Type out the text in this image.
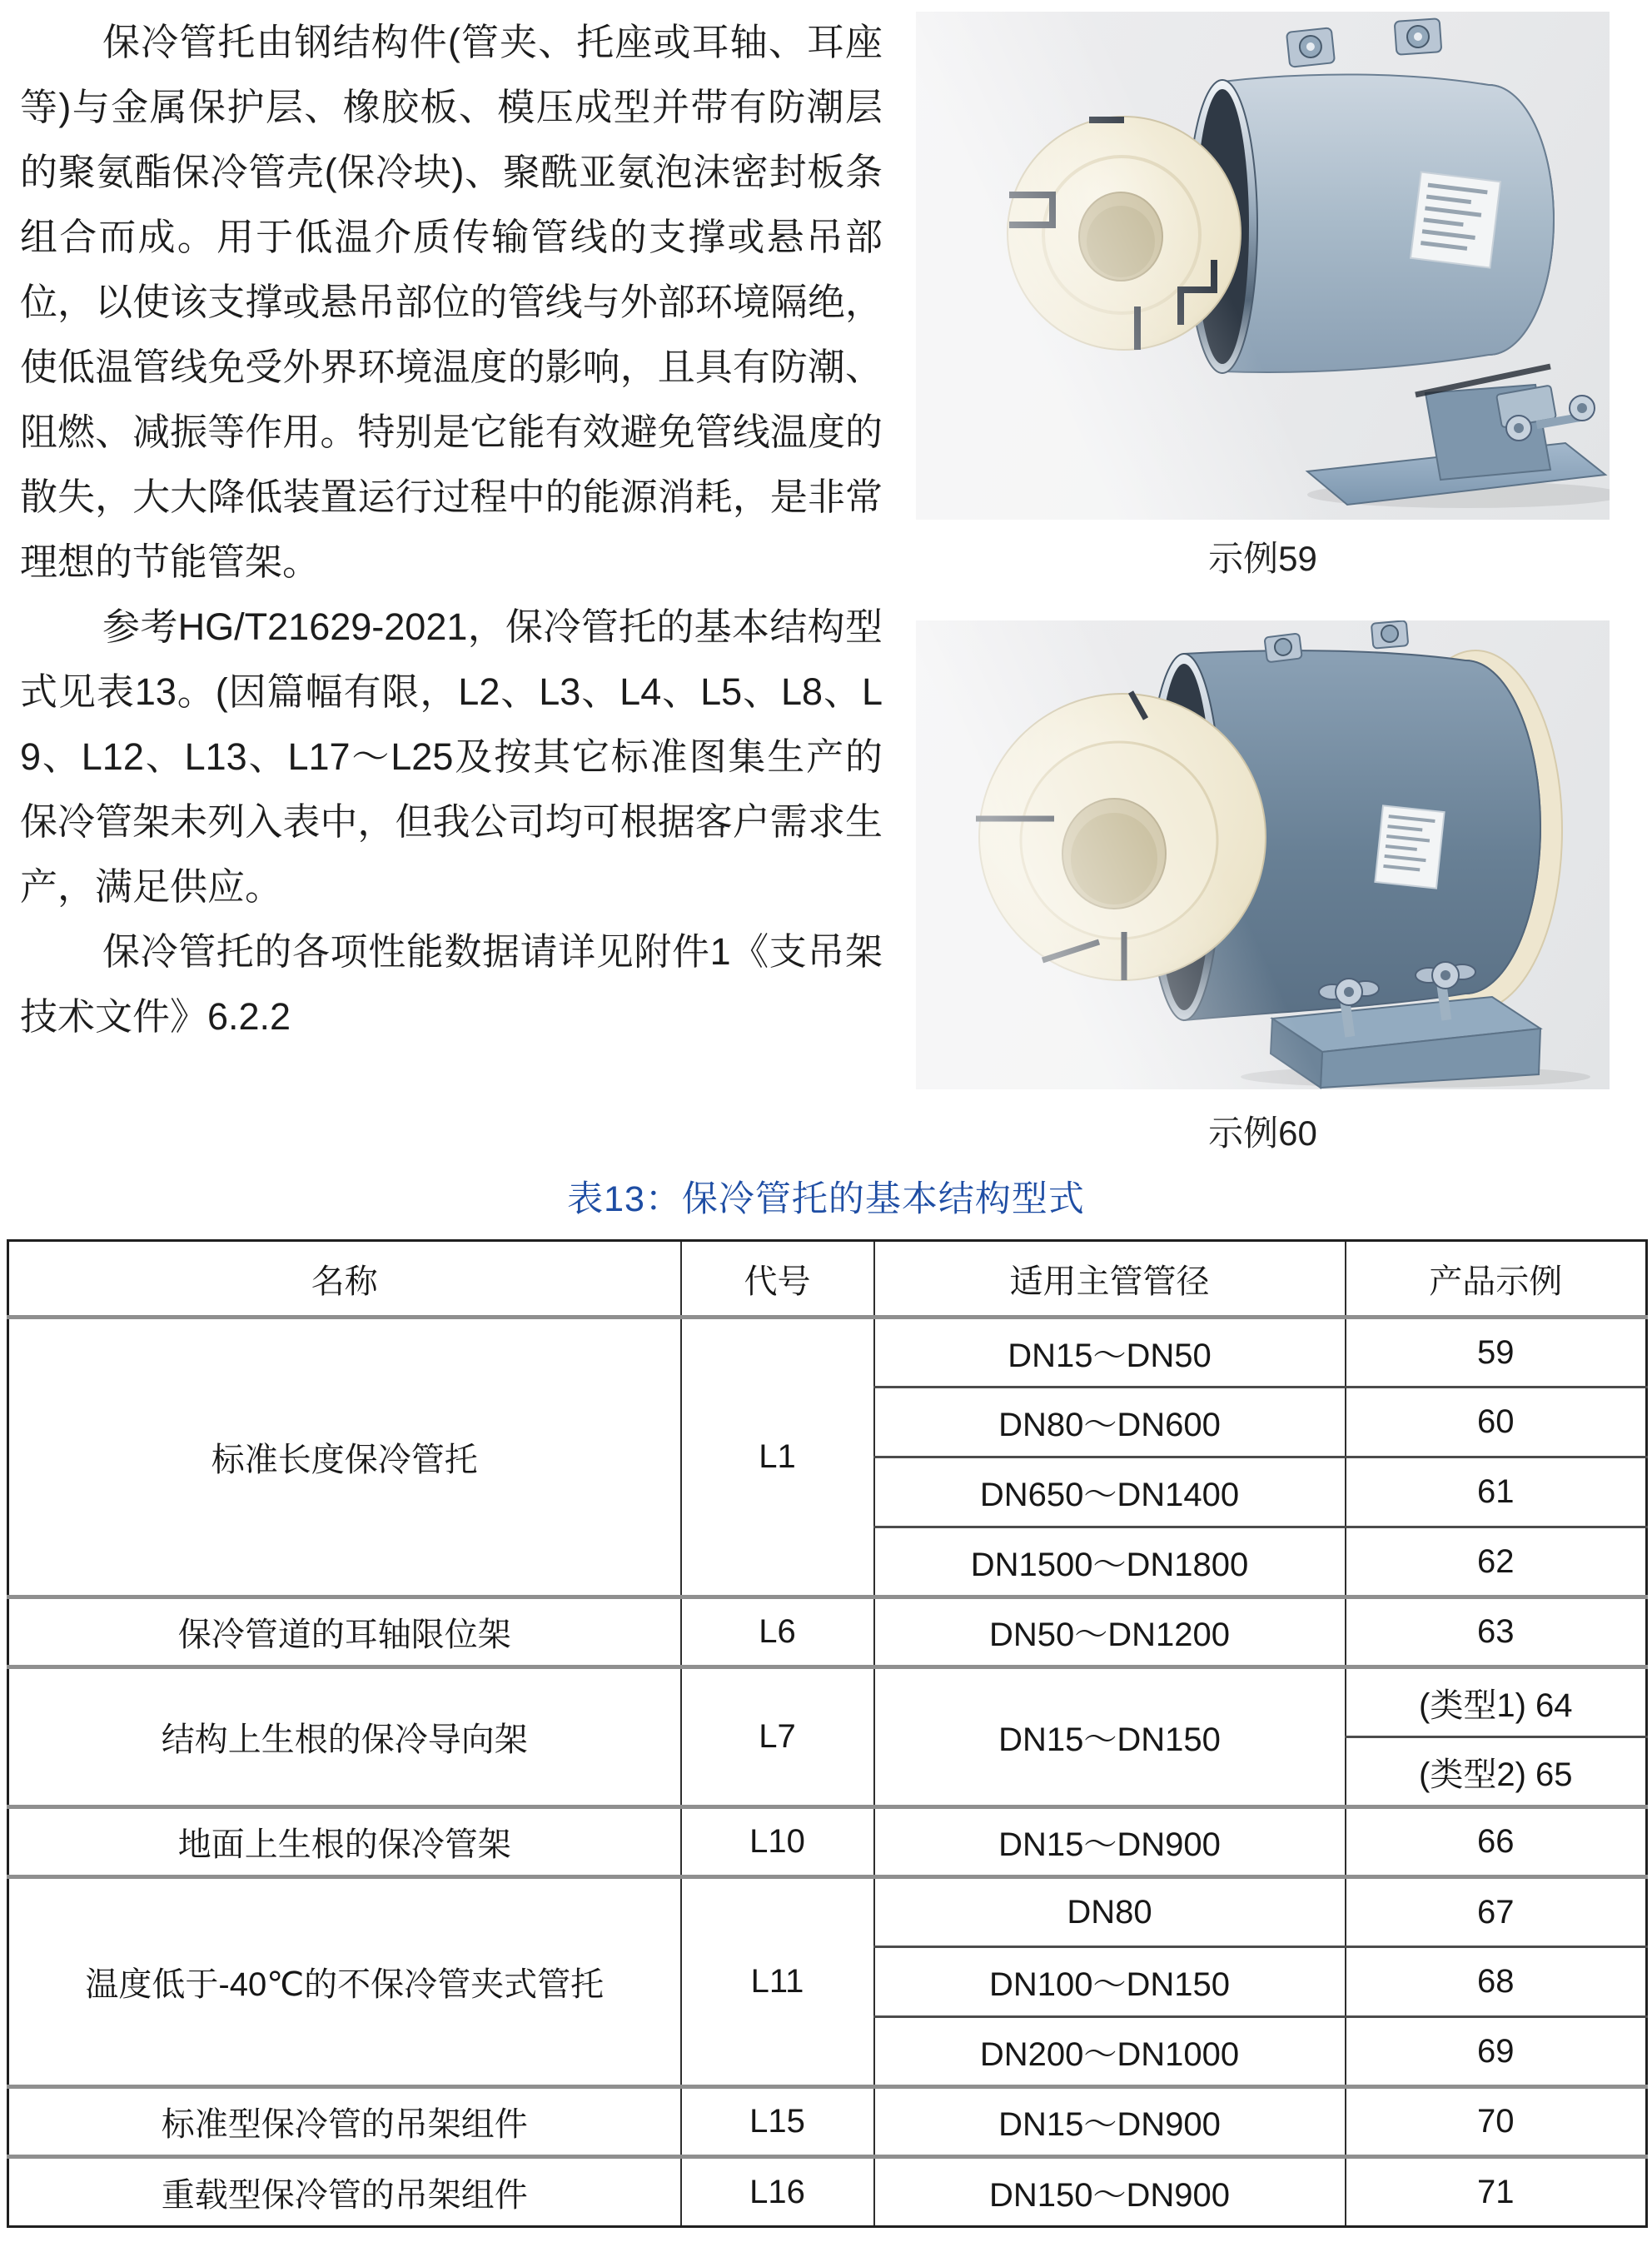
保冷管托由钢结构件(管夹、托座或耳轴、耳座等)与金属保护层、橡胶板、模压成型并带有防潮层的聚氨酯保冷管壳(保冷块)、聚酰亚氨泡沫密封板条组合而成。用于低温介质传输管线的支撑或悬吊部位，以使该支撑或悬吊部位的管线与外部环境隔绝，使低温管线免受外界环境温度的影响，且具有防潮、阻燃、减振等作用。特别是它能有效避免管线温度的散失，大大降低装置运行过程中的能源消耗，是非常理想的节能管架。

参考HG/T21629-2021，保冷管托的基本结构型式见表13。(因篇幅有限，L2、L3、L4、L5、L8、L9、L12、L13、L17～L25及按其它标准图集生产的保冷管架未列入表中，但我公司均可根据客户需求生产，满足供应。

保冷管托的各项性能数据请详见附件1《支吊架技术文件》6.2.2

示例59
示例60
表13：保冷管托的基本结构型式
名称	代号	适用主管管径	产品示例
标准长度保冷管托	L1	DN15～DN50	59
		DN80～DN600	60
		DN650～DN1400	61
		DN1500～DN1800	62
保冷管道的耳轴限位架	L6	DN50～DN1200	63
结构上生根的保冷导向架	L7	DN15～DN150	(类型1) 64
			(类型2) 65
地面上生根的保冷管架	L10	DN15～DN900	66
温度低于-40℃的不保冷管夹式管托	L11	DN80	67
		DN100～DN150	68
		DN200～DN1000	69
标准型保冷管的吊架组件	L15	DN15～DN900	70
重载型保冷管的吊架组件	L16	DN150～DN900	71
